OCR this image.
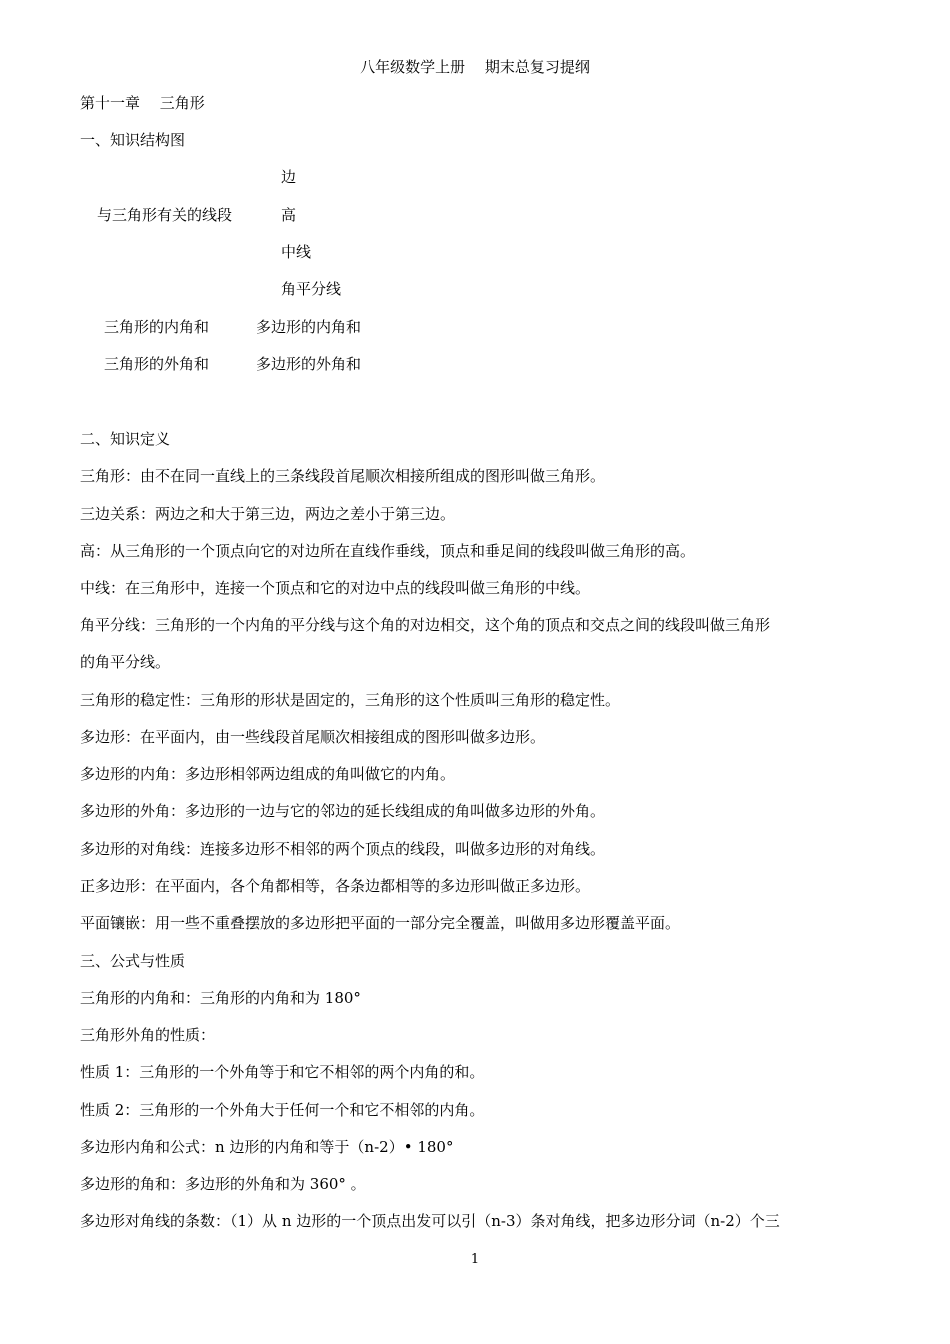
八年级数学上册　 期末总复习提纲
第十一章　 三角形
一、知识结构图
边
与三角形有关的线段	高
中线
角平分线
三角形的内角和	多边形的内角和
三角形的外角和	多边形的外角和
二、知识定义
三角形：由不在同一直线上的三条线段首尾顺次相接所组成的图形叫做三角形。
三边关系：两边之和大于第三边，两边之差小于第三边。
高：从三角形的一个顶点向它的对边所在直线作垂线，顶点和垂足间的线段叫做三角形的高。
中线：在三角形中，连接一个顶点和它的对边中点的线段叫做三角形的中线。
角平分线：三角形的一个内角的平分线与这个角的对边相交，这个角的顶点和交点之间的线段叫做三角形
的角平分线。
三角形的稳定性：三角形的形状是固定的，三角形的这个性质叫三角形的稳定性。
多边形：在平面内，由一些线段首尾顺次相接组成的图形叫做多边形。
多边形的内角：多边形相邻两边组成的角叫做它的内角。
多边形的外角：多边形的一边与它的邻边的延长线组成的角叫做多边形的外角。
多边形的对角线：连接多边形不相邻的两个顶点的线段，叫做多边形的对角线。
正多边形：在平面内，各个角都相等，各条边都相等的多边形叫做正多边形。
平面镶嵌：用一些不重叠摆放的多边形把平面的一部分完全覆盖，叫做用多边形覆盖平面。
三、公式与性质
三角形的内角和：三角形的内角和为 180°
三角形外角的性质：
性质 1：三角形的一个外角等于和它不相邻的两个内角的和。
性质 2：三角形的一个外角大于任何一个和它不相邻的内角。
多边形内角和公式：n 边形的内角和等于（n-2）• 180°
多边形的角和：多边形的外角和为 360° 。
多边形对角线的条数：（1）从 n 边形的一个顶点出发可以引（n-3）条对角线，把多边形分词（n-2）个三
1
